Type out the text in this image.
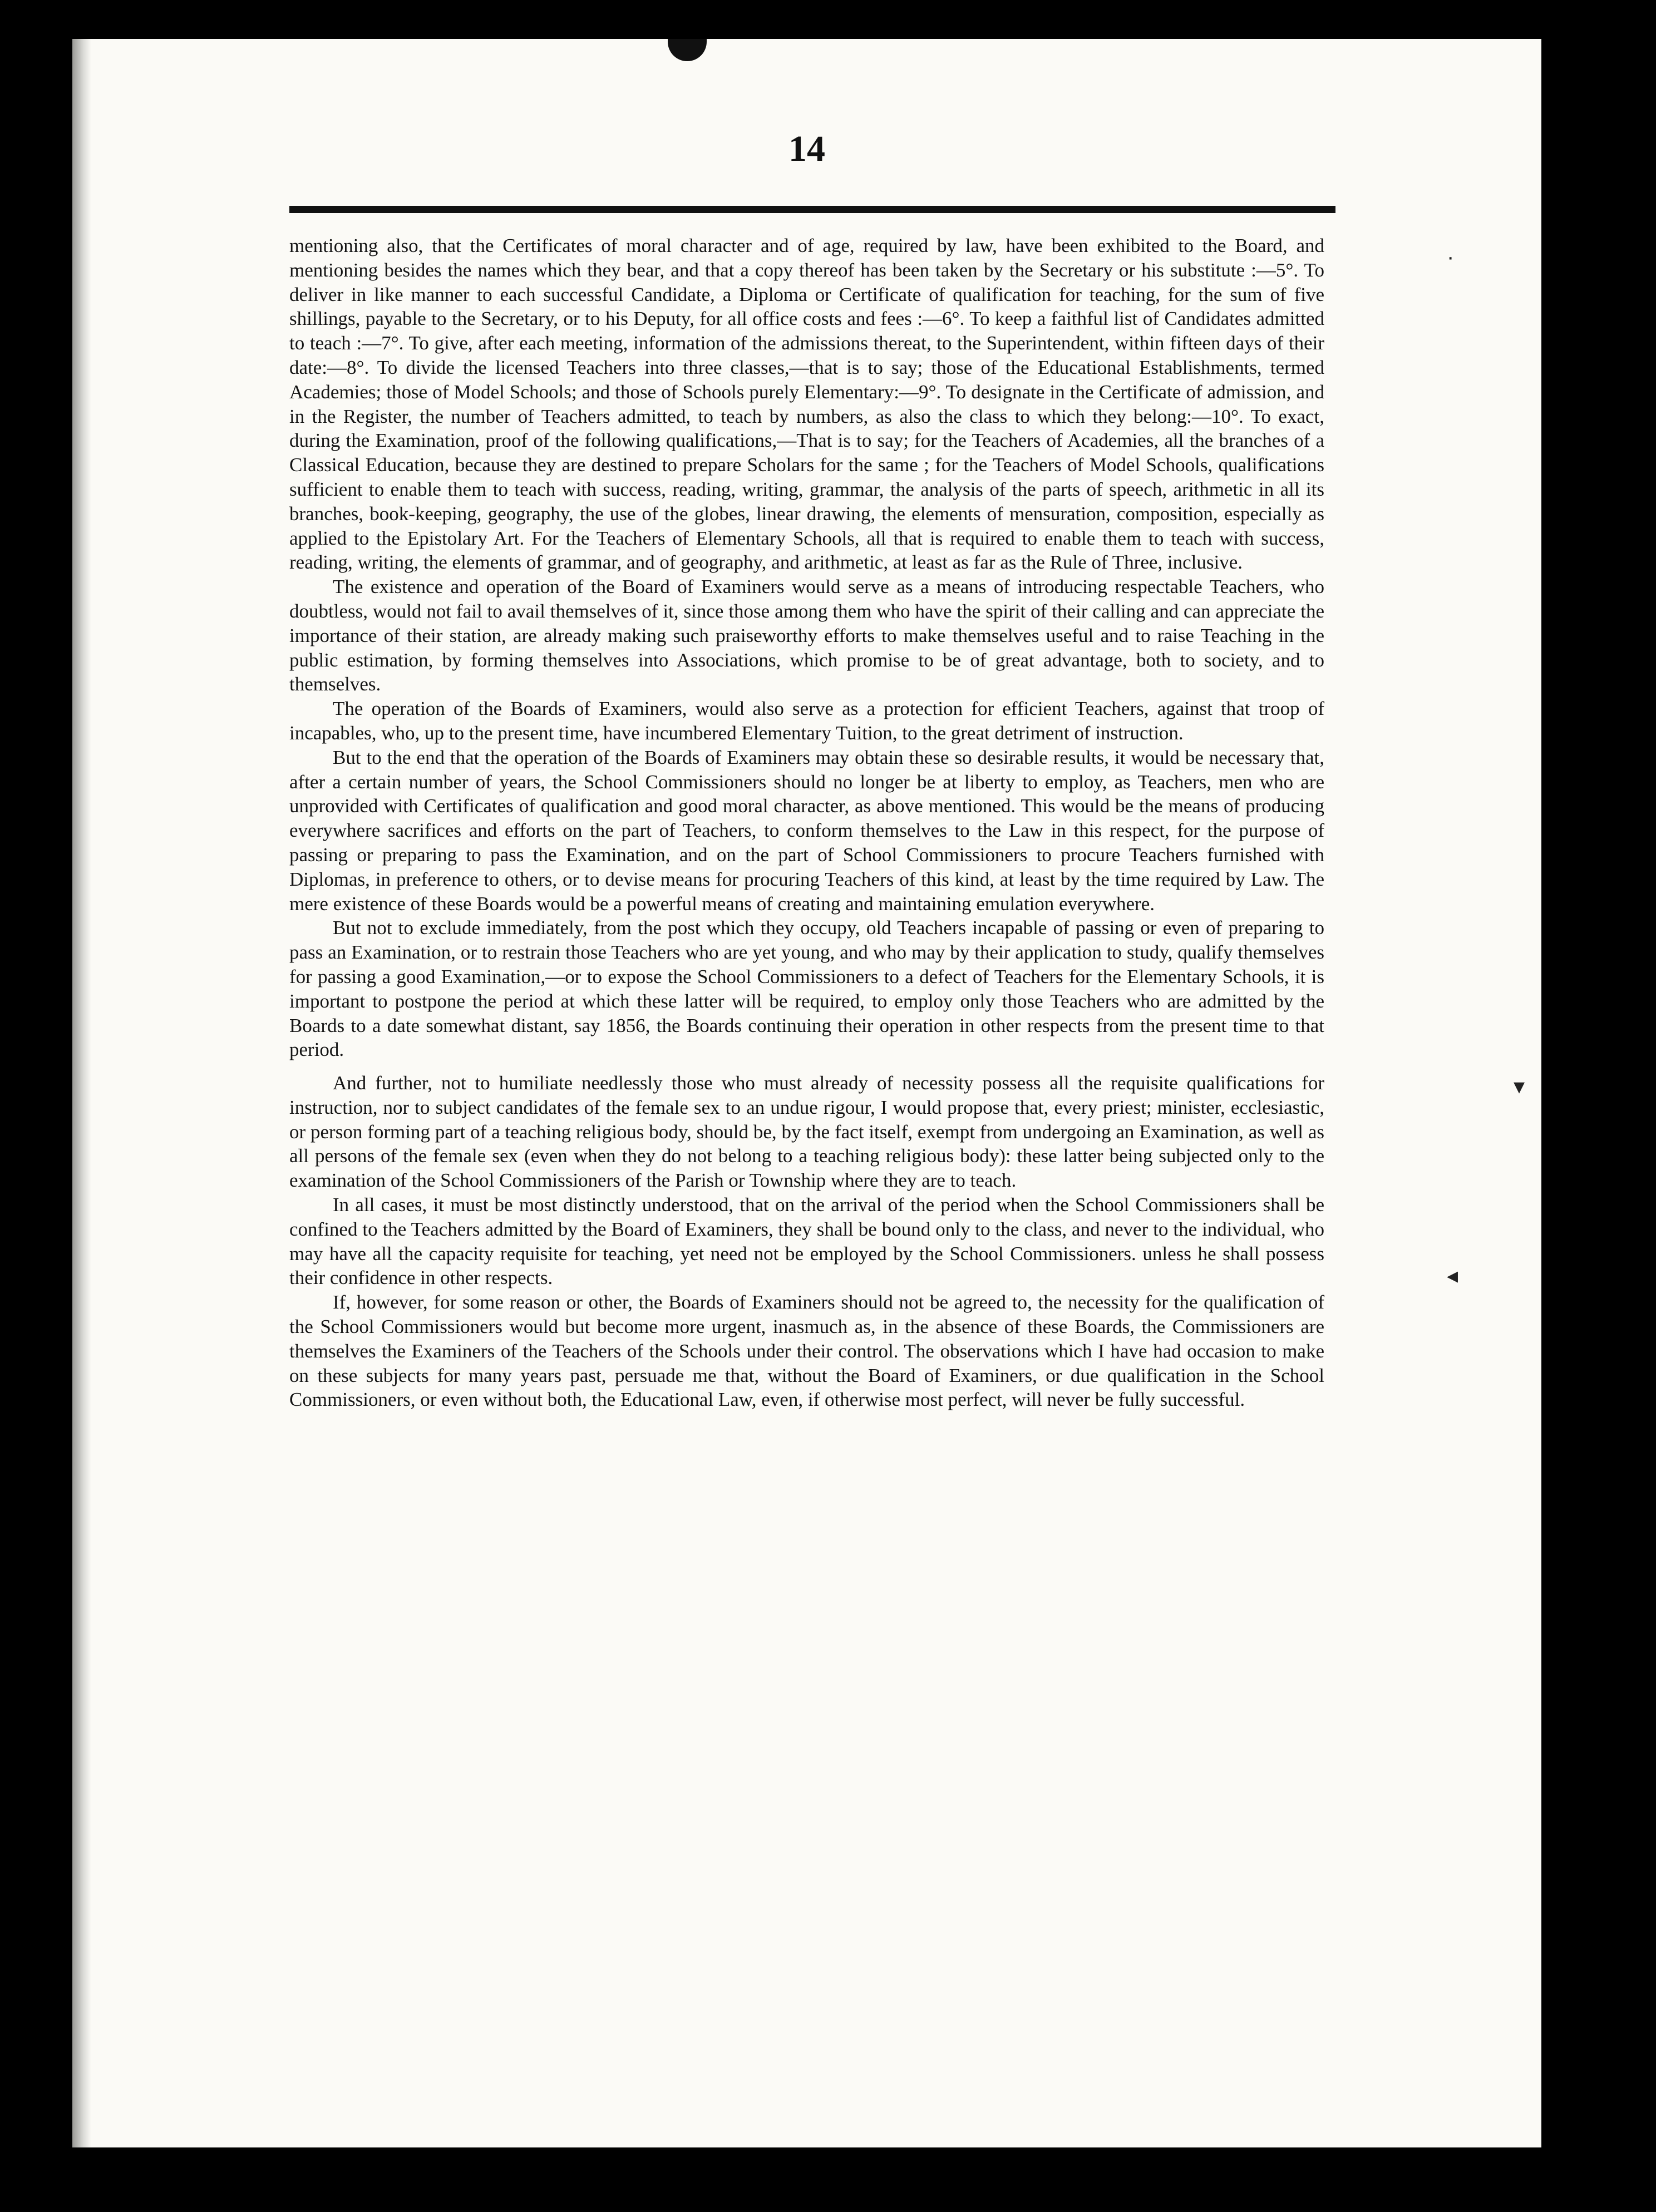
14

mentioning also, that the Certificates of moral character and of age, required by law, have been exhibited to the Board, and mentioning besides the names which they bear, and that a copy thereof has been taken by the Secretary or his substitute :—5°. To deliver in like manner to each successful Candidate, a Diploma or Certificate of qualification for teaching, for the sum of five shillings, payable to the Secretary, or to his Deputy, for all office costs and fees :—6°. To keep a faithful list of Candidates admitted to teach :—7°. To give, after each meeting, information of the admissions thereat, to the Superintendent, within fifteen days of their date:—8°. To divide the licensed Teachers into three classes,—that is to say; those of the Educational Establishments, termed Academies; those of Model Schools; and those of Schools purely Elementary:—9°. To designate in the Certificate of admission, and in the Register, the number of Teachers admitted, to teach by numbers, as also the class to which they belong:—10°. To exact, during the Examination, proof of the following qualifications,—That is to say; for the Teachers of Academies, all the branches of a Classical Education, because they are destined to prepare Scholars for the same ; for the Teachers of Model Schools, qualifications sufficient to enable them to teach with success, reading, writing, grammar, the analysis of the parts of speech, arithmetic in all its branches, book-keeping, geography, the use of the globes, linear drawing, the elements of mensuration, composition, especially as applied to the Epistolary Art. For the Teachers of Elementary Schools, all that is required to enable them to teach with success, reading, writing, the elements of grammar, and of geography, and arithmetic, at least as far as the Rule of Three, inclusive.

The existence and operation of the Board of Examiners would serve as a means of introducing respectable Teachers, who doubtless, would not fail to avail themselves of it, since those among them who have the spirit of their calling and can appreciate the importance of their station, are already making such praiseworthy efforts to make themselves useful and to raise Teaching in the public estimation, by forming themselves into Associations, which promise to be of great advantage, both to society, and to themselves.

The operation of the Boards of Examiners, would also serve as a protection for efficient Teachers, against that troop of incapables, who, up to the present time, have incumbered Elementary Tuition, to the great detriment of instruction.

But to the end that the operation of the Boards of Examiners may obtain these so desirable results, it would be necessary that, after a certain number of years, the School Commissioners should no longer be at liberty to employ, as Teachers, men who are unprovided with Certificates of qualification and good moral character, as above mentioned. This would be the means of producing everywhere sacrifices and efforts on the part of Teachers, to conform themselves to the Law in this respect, for the purpose of passing or preparing to pass the Examination, and on the part of School Commissioners to procure Teachers furnished with Diplomas, in preference to others, or to devise means for procuring Teachers of this kind, at least by the time required by Law. The mere existence of these Boards would be a powerful means of creating and maintaining emulation everywhere.

But not to exclude immediately, from the post which they occupy, old Teachers incapable of passing or even of preparing to pass an Examination, or to restrain those Teachers who are yet young, and who may by their application to study, qualify themselves for passing a good Examination,—or to expose the School Commissioners to a defect of Teachers for the Elementary Schools, it is important to postpone the period at which these latter will be required, to employ only those Teachers who are admitted by the Boards to a date somewhat distant, say 1856, the Boards continuing their operation in other respects from the present time to that period.

And further, not to humiliate needlessly those who must already of necessity possess all the requisite qualifications for instruction, nor to subject candidates of the female sex to an undue rigour, I would propose that, every priest; minister, ecclesiastic, or person forming part of a teaching religious body, should be, by the fact itself, exempt from undergoing an Examination, as well as all persons of the female sex (even when they do not belong to a teaching religious body): these latter being subjected only to the examination of the School Commissioners of the Parish or Township where they are to teach.

In all cases, it must be most distinctly understood, that on the arrival of the period when the School Commissioners shall be confined to the Teachers admitted by the Board of Examiners, they shall be bound only to the class, and never to the individual, who may have all the capacity requisite for teaching, yet need not be employed by the School Commissioners. unless he shall possess their confidence in other respects.

If, however, for some reason or other, the Boards of Examiners should not be agreed to, the necessity for the qualification of the School Commissioners would but become more urgent, inasmuch as, in the absence of these Boards, the Commissioners are themselves the Examiners of the Teachers of the Schools under their control. The observations which I have had occasion to make on these subjects for many years past, persuade me that, without the Board of Examiners, or due qualification in the School Commissioners, or even without both, the Educational Law, even, if otherwise most perfect, will never be fully successful.

·
▾
◂
